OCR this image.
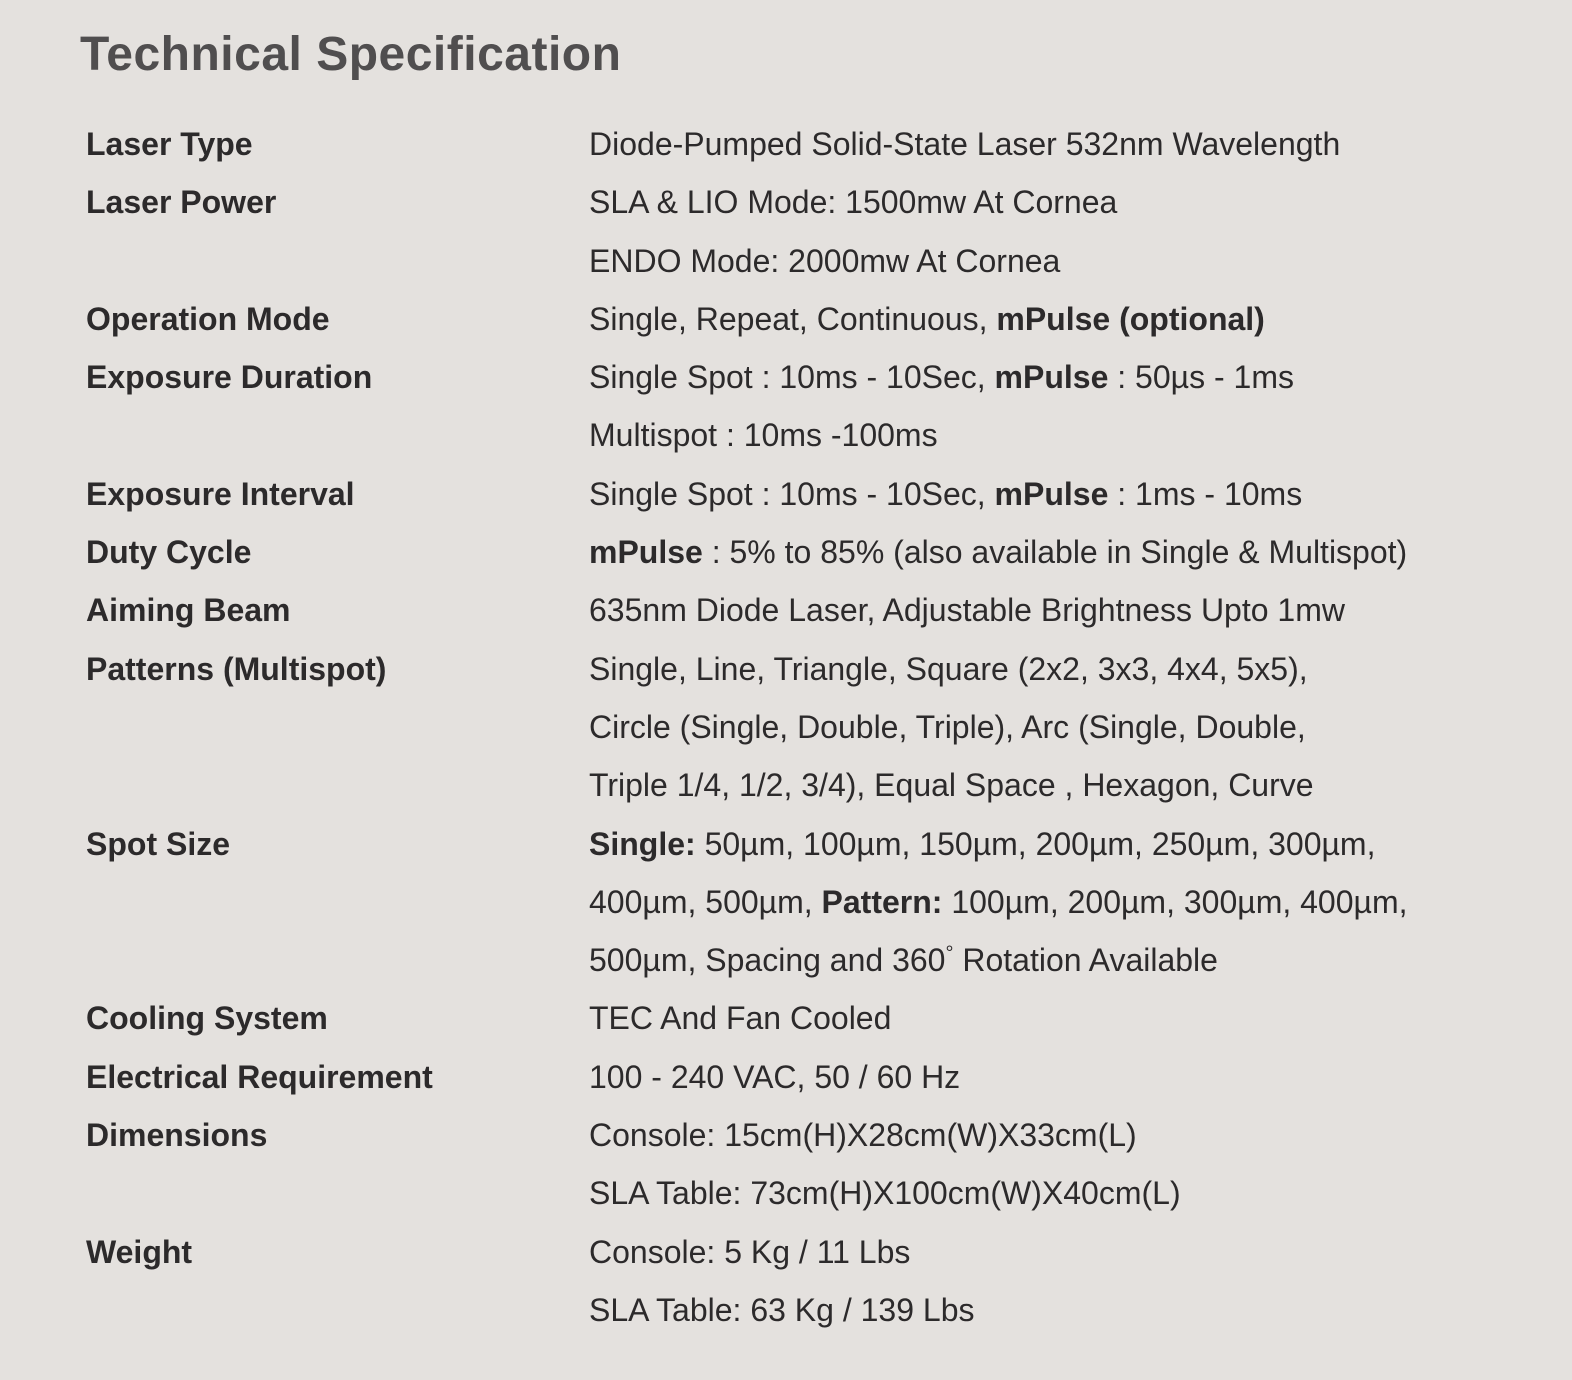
Technical Specification
Laser Type	Diode-Pumped Solid-State Laser 532nm Wavelength
Laser Power	SLA & LIO Mode: 1500mw At Cornea
ENDO Mode: 2000mw At Cornea
Operation Mode	Single, Repeat, Continuous, mPulse (optional)
Exposure Duration	Single Spot : 10ms - 10Sec, mPulse : 50µs - 1ms
Multispot : 10ms -100ms
Exposure Interval	Single Spot : 10ms - 10Sec, mPulse : 1ms - 10ms
Duty Cycle	mPulse : 5% to 85% (also available in Single & Multispot)
Aiming Beam	635nm Diode Laser, Adjustable Brightness Upto 1mw
Patterns (Multispot)	Single, Line, Triangle, Square (2x2, 3x3, 4x4, 5x5),
Circle (Single, Double, Triple), Arc (Single, Double,
Triple 1/4, 1/2, 3/4), Equal Space , Hexagon, Curve
Spot Size	Single: 50µm, 100µm, 150µm, 200µm, 250µm, 300µm,
400µm, 500µm, Pattern: 100µm, 200µm, 300µm, 400µm,
500µm, Spacing and 360° Rotation Available
Cooling System	TEC And Fan Cooled
Electrical Requirement	100 - 240 VAC, 50 / 60 Hz
Dimensions	Console: 15cm(H)X28cm(W)X33cm(L)
SLA Table: 73cm(H)X100cm(W)X40cm(L)
Weight	Console: 5 Kg / 11 Lbs
SLA Table: 63 Kg / 139 Lbs
